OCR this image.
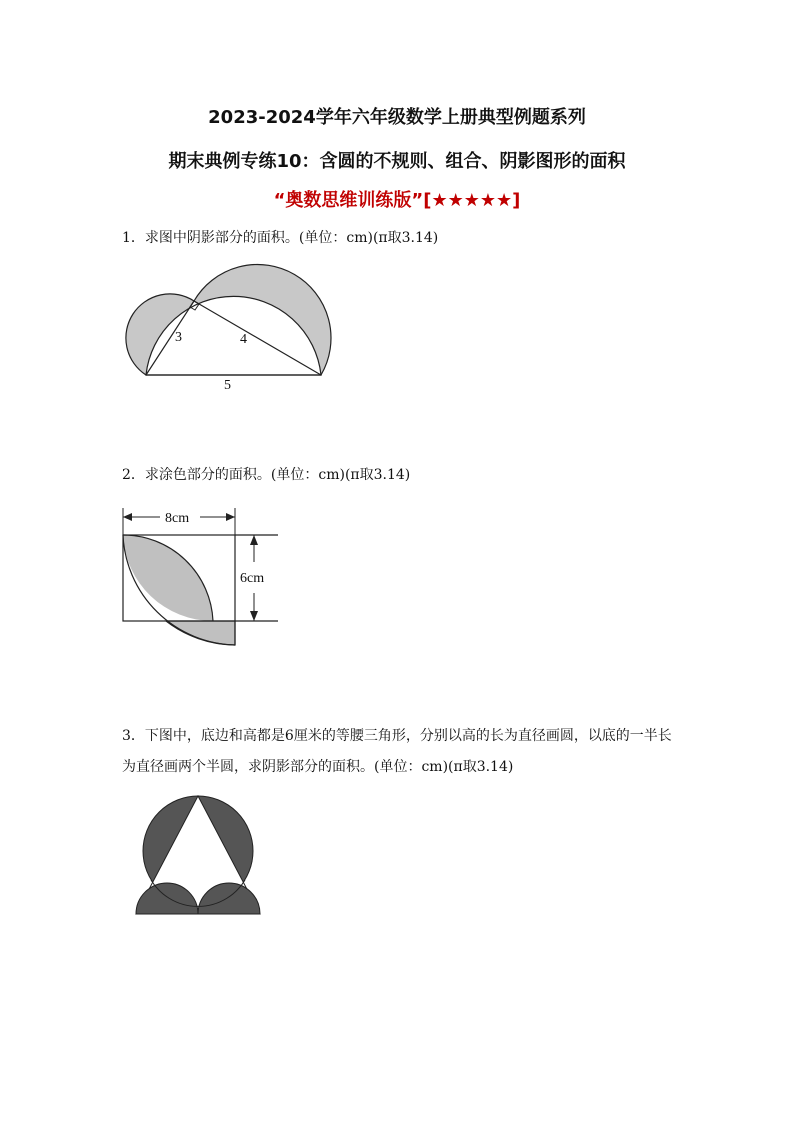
2023-2024学年六年级数学上册典型例题系列
期末典例专练10：含圆的不规则、组合、阴影图形的面积
“奥数思维训练版”[★★★★★]
1．求图中阴影部分的面积。(单位：cm)(π取3.14)
3	4
5
2．求涂色部分的面积。(单位：cm)(π取3.14)
8cm
6cm
3．下图中，底边和高都是6厘米的等腰三角形，分别以高的长为直径画圆，以底的一半长为直径画两个半圆，求阴影部分的面积。(单位：cm)(π取3.14)
